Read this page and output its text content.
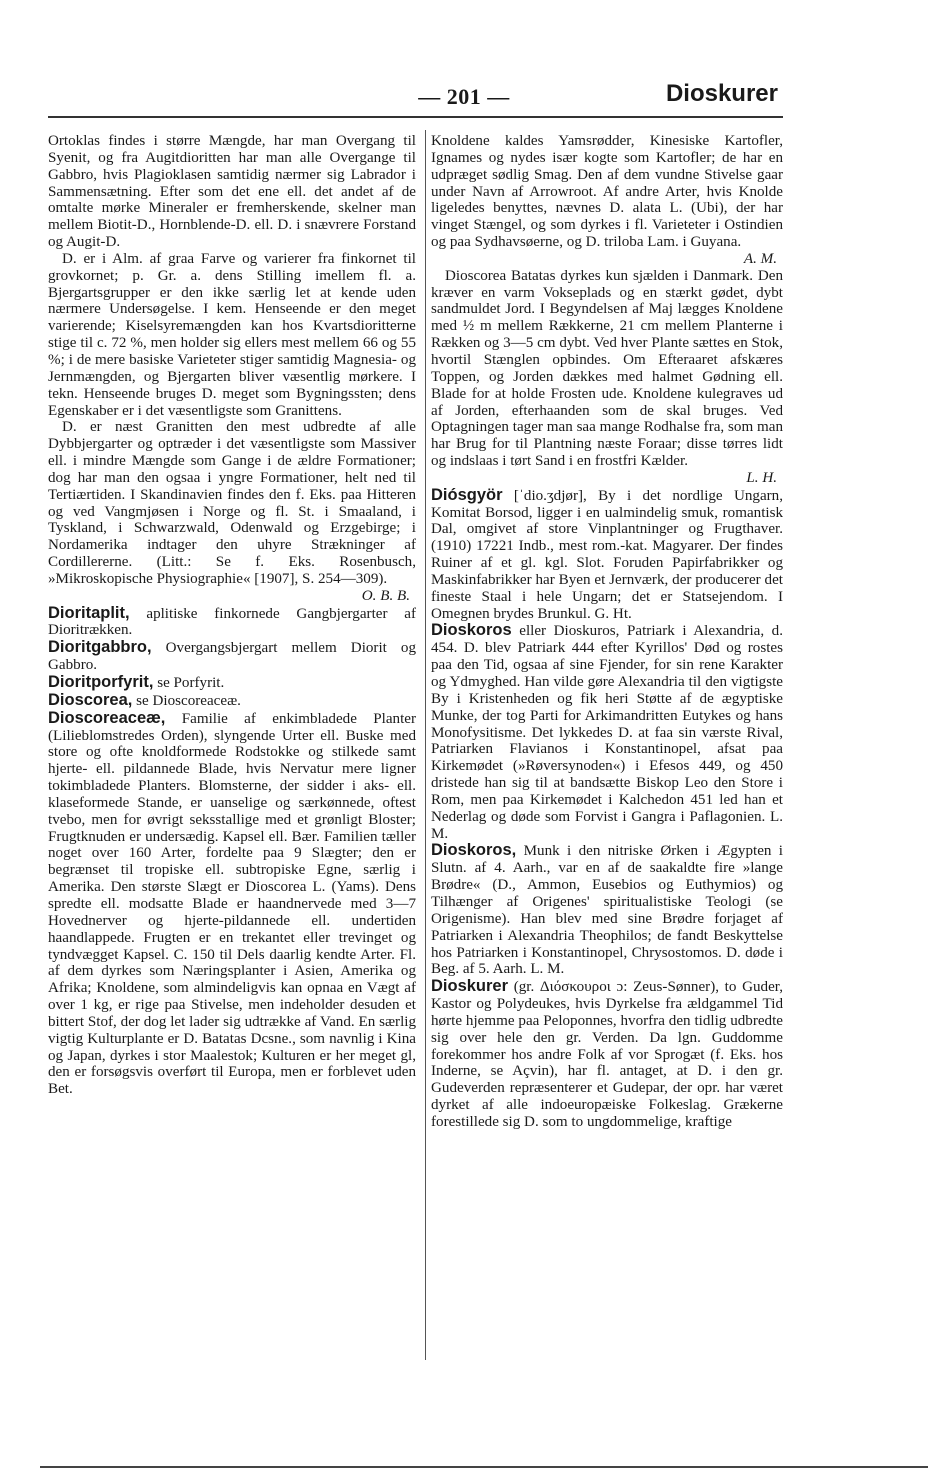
— 201 —	Dioskurer

Ortoklas findes i større Mængde, har man Overgang til Syenit, og fra Augitdioritten har man alle Overgange til Gabbro, hvis Plagioklasen samtidig nærmer sig Labrador i Sammensætning. Efter som det ene ell. det andet af de omtalte mørke Mineraler er fremherskende, skelner man mellem Biotit-D., Hornblende-D. ell. D. i snævrere Forstand og Augit-D.

D. er i Alm. af graa Farve og varierer fra finkornet til grovkornet; p. Gr. a. dens Stilling imellem fl. a. Bjergartsgrupper er den ikke særlig let at kende uden nærmere Undersøgelse. I kem. Henseende er den meget varierende; Kiselsyremængden kan hos Kvartsdioritterne stige til c. 72 %, men holder sig ellers mest mellem 66 og 55 %; i de mere basiske Varieteter stiger samtidig Magnesia- og Jernmængden, og Bjergarten bliver væsentlig mørkere. I tekn. Henseende bruges D. meget som Bygningssten; dens Egenskaber er i det væsentligste som Granittens.

D. er næst Granitten den mest udbredte af alle Dybbjergarter og optræder i det væsentligste som Massiver ell. i mindre Mængde som Gange i de ældre Formationer; dog har man den ogsaa i yngre Formationer, helt ned til Tertiærtiden. I Skandinavien findes den f. Eks. paa Hitteren og ved Vangmjøsen i Norge og fl. St. i Smaaland, i Tyskland, i Schwarzwald, Odenwald og Erzgebirge; i Nordamerika indtager den uhyre Strækninger af Cordillererne. (Litt.: Se f. Eks. Rosenbusch, »Mikroskopische Physiographie« [1907], S. 254—309).

O. B. B.

Dioritaplit, aplitiske finkornede Gangbjergarter af Dioritrækken.

Dioritgabbro, Overgangsbjergart mellem Diorit og Gabbro.

Dioritporfyrit, se Porfyrit.

Dioscorea, se Dioscoreaceæ.

Dioscoreaceæ, Familie af enkimbladede Planter (Lilieblomstredes Orden), slyngende Urter ell. Buske med store og ofte knoldformede Rodstokke og stilkede samt hjerte- ell. pildannede Blade, hvis Nervatur mere ligner tokimbladede Planters. Blomsterne, der sidder i aks- ell. klaseformede Stande, er uanselige og særkønnede, oftest tvebo, men for øvrigt seksstallige med et grønligt Bloster; Frugtknuden er undersædig. Kapsel ell. Bær. Familien tæller noget over 160 Arter, fordelte paa 9 Slægter; den er begrænset til tropiske ell. subtropiske Egne, særlig i Amerika. Den største Slægt er Dioscorea L. (Yams). Dens spredte ell. modsatte Blade er haandnervede med 3—7 Hovednerver og hjerte-pildannede ell. undertiden haandlappede. Frugten er en trekantet eller trevinget og tyndvægget Kapsel. C. 150 til Dels daarlig kendte Arter. Fl. af dem dyrkes som Næringsplanter i Asien, Amerika og Afrika; Knoldene, som almindeligvis kan opnaa en Vægt af over 1 kg, er rige paa Stivelse, men indeholder desuden et bittert Stof, der dog let lader sig udtrække af Vand. En særlig vigtig Kulturplante er D. Batatas Dcsne., som navnlig i Kina og Japan, dyrkes i stor Maalestok; Kulturen er her meget gl, den er forsøgsvis overført til Europa, men er forblevet uden Bet.

Knoldene kaldes Yamsrødder, Kinesiske Kartofler, Ignames og nydes især kogte som Kartofler; de har en udpræget sødlig Smag. Den af dem vundne Stivelse gaar under Navn af Arrowroot. Af andre Arter, hvis Knolde ligeledes benyttes, nævnes D. alata L. (Ubi), der har vinget Stængel, og som dyrkes i fl. Varieteter i Ostindien og paa Sydhavsøerne, og D. triloba Lam. i Guyana.

A. M.

Dioscorea Batatas dyrkes kun sjælden i Danmark. Den kræver en varm Vokseplads og en stærkt gødet, dybt sandmuldet Jord. I Begyndelsen af Maj lægges Knoldene med ½ m mellem Rækkerne, 21 cm mellem Planterne i Rækken og 3—5 cm dybt. Ved hver Plante sættes en Stok, hvortil Stænglen opbindes. Om Efteraaret afskæres Toppen, og Jorden dækkes med halmet Gødning ell. Blade for at holde Frosten ude. Knoldene kulegraves ud af Jorden, efterhaanden som de skal bruges. Ved Optagningen tager man saa mange Rodhalse fra, som man har Brug for til Plantning næste Foraar; disse tørres lidt og indslaas i tørt Sand i en frostfri Kælder.

L. H.

Diósgyör [ˈdio.ʒdjør], By i det nordlige Ungarn, Komitat Borsod, ligger i en ualmindelig smuk, romantisk Dal, omgivet af store Vinplantninger og Frugthaver. (1910) 17221 Indb., mest rom.-kat. Magyarer. Der findes Ruiner af et gl. kgl. Slot. Foruden Papirfabrikker og Maskinfabrikker har Byen et Jernværk, der producerer det fineste Staal i hele Ungarn; det er Statsejendom. I Omegnen brydes Brunkul. G. Ht.

Dioskoros eller Dioskuros, Patriark i Alexandria, d. 454. D. blev Patriark 444 efter Kyrillos' Død og rostes paa den Tid, ogsaa af sine Fjender, for sin rene Karakter og Ydmyghed. Han vilde gøre Alexandria til den vigtigste By i Kristenheden og fik heri Støtte af de ægyptiske Munke, der tog Parti for Arkimandritten Eutykes og hans Monofysitisme. Det lykkedes D. at faa sin værste Rival, Patriarken Flavianos i Konstantinopel, afsat paa Kirkemødet (»Røversynoden«) i Efesos 449, og 450 dristede han sig til at bandsætte Biskop Leo den Store i Rom, men paa Kirkemødet i Kalchedon 451 led han et Nederlag og døde som Forvist i Gangra i Paflagonien. L. M.

Dioskoros, Munk i den nitriske Ørken i Ægypten i Slutn. af 4. Aarh., var en af de saakaldte fire »lange Brødre« (D., Ammon, Eusebios og Euthymios) og Tilhænger af Origenes' spiritualistiske Teologi (se Origenisme). Han blev med sine Brødre forjaget af Patriarken i Alexandria Theophilos; de fandt Beskyttelse hos Patriarken i Konstantinopel, Chrysostomos. D. døde i Beg. af 5. Aarh. L. M.

Dioskurer (gr. Διόσκουροι ɔ: Zeus-Sønner), to Guder, Kastor og Polydeukes, hvis Dyrkelse fra ældgammel Tid hørte hjemme paa Peloponnes, hvorfra den tidlig udbredte sig over hele den gr. Verden. Da lgn. Guddomme forekommer hos andre Folk af vor Sprogæt (f. Eks. hos Inderne, se Açvin), har fl. antaget, at D. i den gr. Gudeverden repræsenterer et Gudepar, der opr. har været dyrket af alle indoeuropæiske Folkeslag. Grækerne forestillede sig D. som to ungdommelige, kraftige
